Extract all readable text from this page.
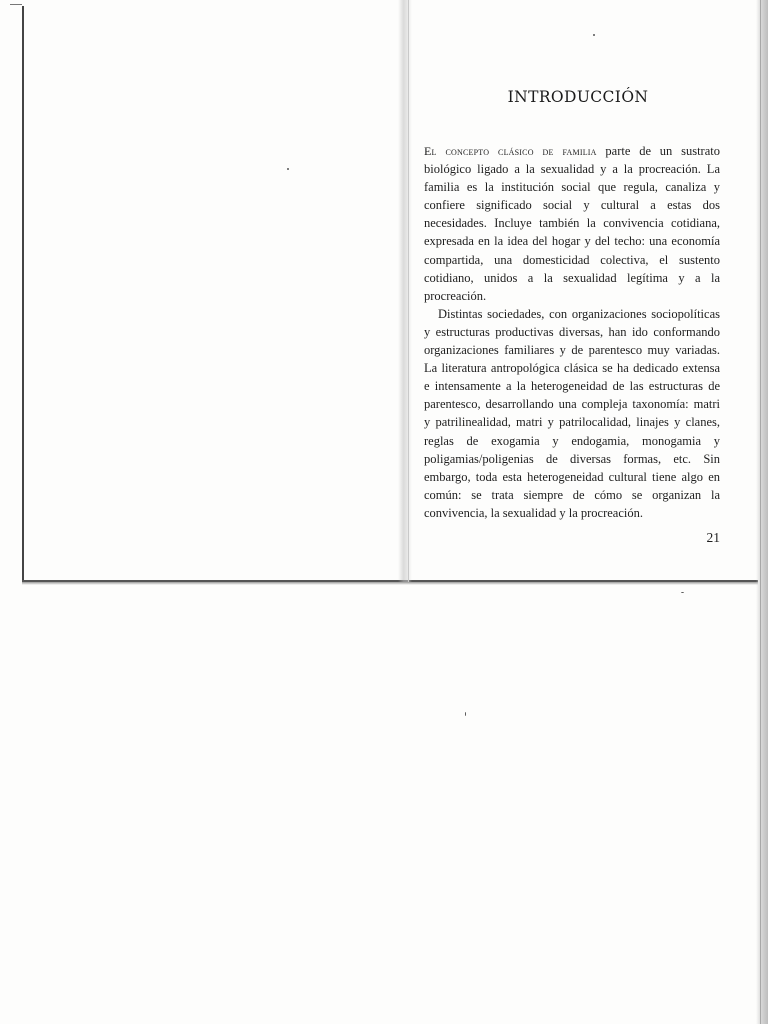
INTRODUCCIÓN

El concepto clásico de familia parte de un sustrato biológico ligado a la sexualidad y a la procreación. La familia es la institución social que regula, canaliza y confiere significado social y cultural a estas dos necesidades. Incluye también la convivencia cotidiana, expresada en la idea del hogar y del techo: una economía compartida, una domesticidad colectiva, el sustento cotidiano, unidos a la sexualidad legítima y a la procreación.

Distintas sociedades, con organizaciones sociopolíticas y estructuras productivas diversas, han ido conformando organizaciones familiares y de parentesco muy variadas. La literatura antropológica clásica se ha dedicado extensa e intensamente a la heterogeneidad de las estructuras de parentesco, desarrollando una compleja taxonomía: matri y patrilinealidad, matri y patrilocalidad, linajes y clanes, reglas de exogamia y endogamia, monogamia y poligamias/poligenias de diversas formas, etc. Sin embargo, toda esta heterogeneidad cultural tiene algo en común: se trata siempre de cómo se organizan la convivencia, la sexualidad y la procreación.

21
